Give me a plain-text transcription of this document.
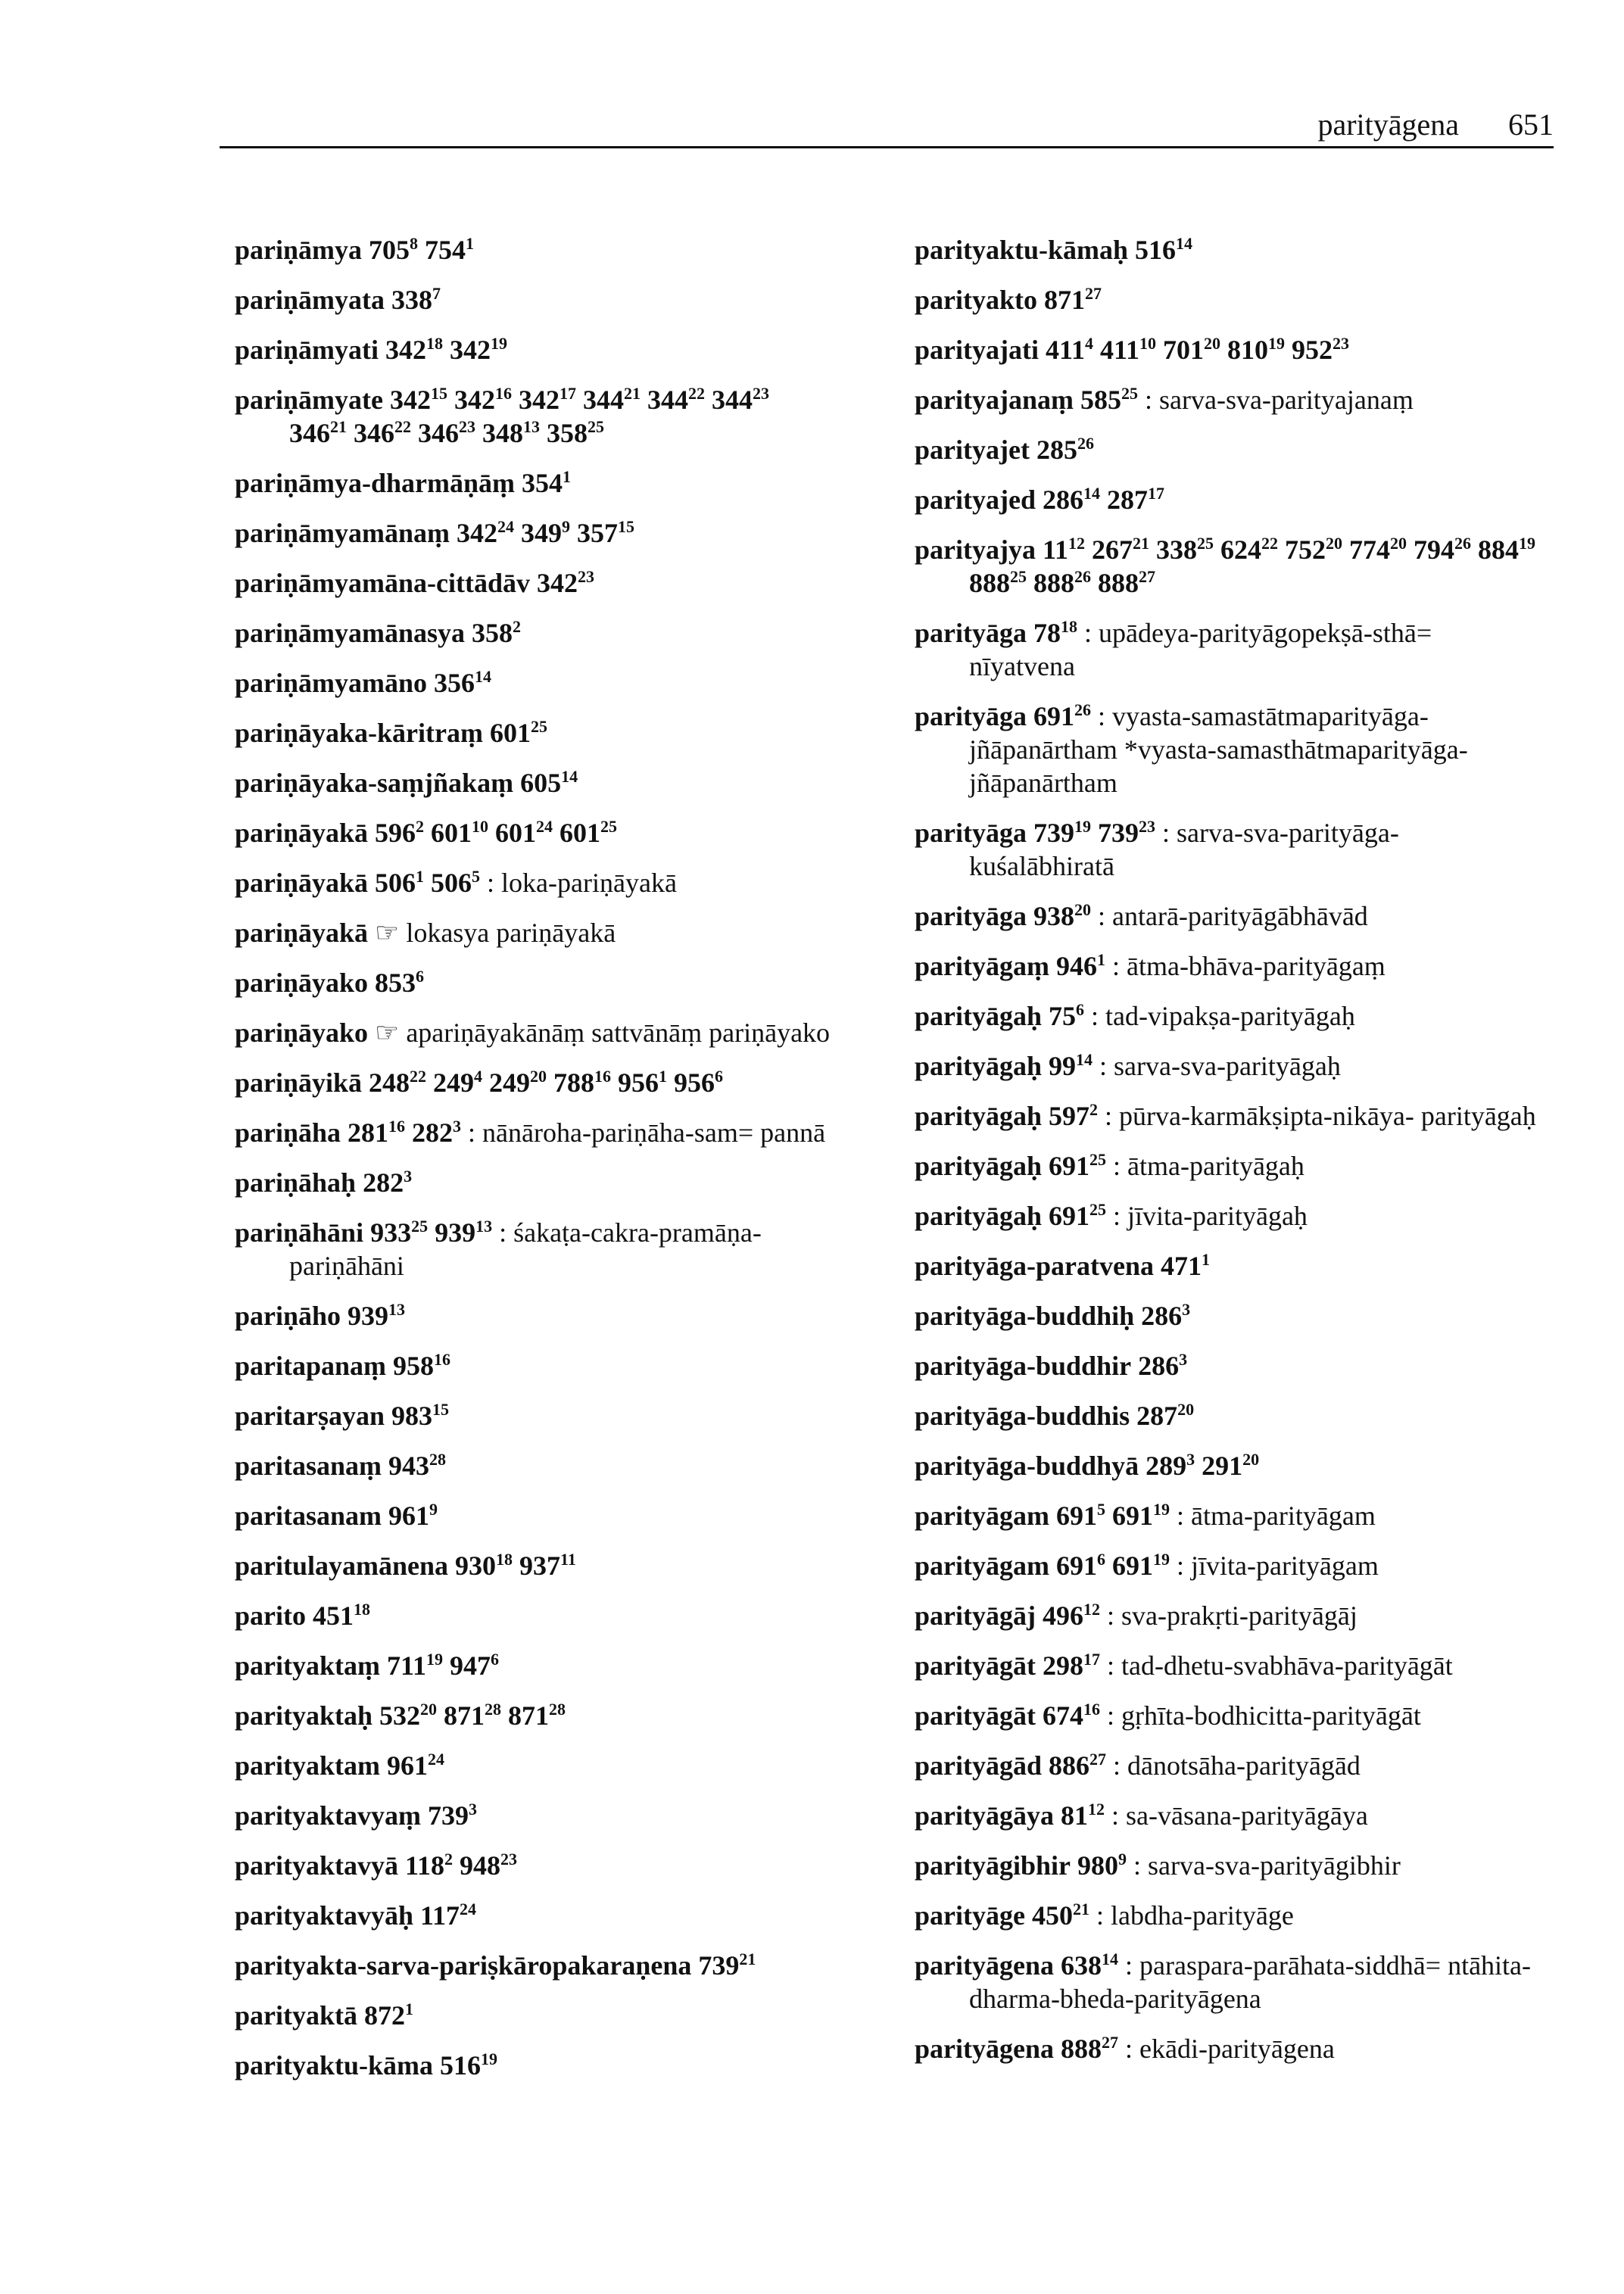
parityāgena 651
pariṇāmya $705^8$ $754^1$
pariṇāmyata $338^7$
pariṇāmyati $342^{18}$ $342^{19}$
pariṇāmyate $342^{15}$ $342^{16}$ $342^{17}$ $344^{21}$ $344^{22}$ $344^{23}$ $346^{21}$ $346^{22}$ $346^{23}$ $348^{13}$ $358^{25}$
pariṇāmya-dharmāṇāṃ $354^1$
pariṇāmyamānaṃ $342^{24}$ $349^9$ $357^{15}$
pariṇāmyamāna-cittādāv $342^{23}$
pariṇāmyamānasya $358^2$
pariṇāmyamāno $356^{14}$
pariṇāyaka-kāritraṃ $601^{25}$
pariṇāyaka-saṃjñakaṃ $605^{14}$
pariṇāyakā $596^2$ $601^{10}$ $601^{24}$ $601^{25}$
pariṇāyakā $506^1$ $506^5$ : loka-pariṇāyakā
pariṇāyakā ☞ lokasya pariṇāyakā
pariṇāyako $853^6$
pariṇāyako ☞ apariṇāyakānāṃ sattvānāṃ pariṇāyako
pariṇāyikā $248^{22}$ $249^4$ $249^{20}$ $788^{16}$ $956^1$ $956^6$
pariṇāha $281^{16}$ $282^3$ : nānāroha-pariṇāha-sam= pannā
pariṇāhaḥ $282^3$
pariṇāhāni $933^{25}$ $939^{13}$ : śakaṭa-cakra-pramāṇa- pariṇāhāni
pariṇāho $939^{13}$
paritapanaṃ $958^{16}$
paritarṣayan $983^{15}$
paritasanaṃ $943^{28}$
paritasanam $961^9$
paritulayamānena $930^{18}$ $937^{11}$
parito $451^{18}$
parityaktaṃ $711^{19}$ $947^6$
parityaktaḥ $532^{20}$ $871^{28}$ $871^{28}$
parityaktam $961^{24}$
parityaktavyaṃ $739^3$
parityaktavyā $118^2$ $948^{23}$
parityaktavyāḥ $117^{24}$
parityakta-sarva-pariṣkāropakaraṇena $739^{21}$
parityaktā $872^1$
parityaktu-kāma $516^{19}$
parityaktu-kāmaḥ $516^{14}$
parityakto $871^{27}$
parityajati $411^4$ $411^{10}$ $701^{20}$ $810^{19}$ $952^{23}$
parityajanaṃ $585^{25}$ : sarva-sva-parityajanaṃ
parityajet $285^{26}$
parityajed $286^{14}$ $287^{17}$
parityajya $11^{12}$ $267^{21}$ $338^{25}$ $624^{22}$ $752^{20}$ $774^{20}$ $794^{26}$ $884^{19}$ $888^{25}$ $888^{26}$ $888^{27}$
parityāga $78^{18}$ : upādeya-parityāgopekṣā-sthā= nīyatvena
parityāga $691^{26}$ : vyasta-samastātmaparityāga- jñāpanārtham *vyasta-samasthātmaparityāga- jñāpanārtham
parityāga $739^{19}$ $739^{23}$ : sarva-sva-parityāga- kuśalābhiratā
parityāga $938^{20}$ : antarā-parityāgābhāvād
parityāgaṃ $946^1$ : ātma-bhāva-parityāgaṃ
parityāgaḥ $75^6$ : tad-vipakṣa-parityāgaḥ
parityāgaḥ $99^{14}$ : sarva-sva-parityāgaḥ
parityāgaḥ $597^2$ : pūrva-karmākṣipta-nikāya- parityāgaḥ
parityāgaḥ $691^{25}$ : ātma-parityāgaḥ
parityāgaḥ $691^{25}$ : jīvita-parityāgaḥ
parityāga-paratvena $471^1$
parityāga-buddhiḥ $286^3$
parityāga-buddhir $286^3$
parityāga-buddhis $287^{20}$
parityāga-buddhyā $289^3$ $291^{20}$
parityāgam $691^5$ $691^{19}$ : ātma-parityāgam
parityāgam $691^6$ $691^{19}$ : jīvita-parityāgam
parityāgāj $496^{12}$ : sva-prakṛti-parityāgāj
parityāgāt $298^{17}$ : tad-dhetu-svabhāva-parityāgāt
parityāgāt $674^{16}$ : gṛhīta-bodhicitta-parityāgāt
parityāgād $886^{27}$ : dānotsāha-parityāgād
parityāgāya $81^{12}$ : sa-vāsana-parityāgāya
parityāgibhir $980^9$ : sarva-sva-parityāgibhir
parityāge $450^{21}$ : labdha-parityāge
parityāgena $638^{14}$ : paraspara-parāhata-siddhā= ntāhita-dharma-bheda-parityāgena
parityāgena $888^{27}$ : ekādi-parityāgena
